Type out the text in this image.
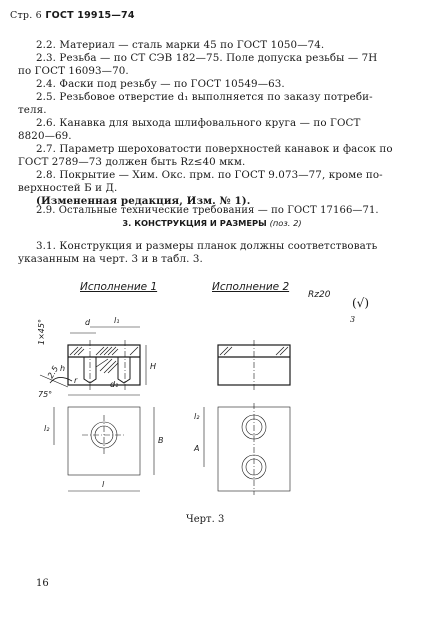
Стр. 6 ГОСТ 19915—74
2.2. Материал — сталь марки 45 по ГОСТ 1050—74.
2.3. Резьба — по СТ СЭВ 182—75. Поле допуска резьбы — 7H
по ГОСТ 16093—70.
2.4. Фаски под резьбу — по ГОСТ 10549—63.
2.5. Резьбовое отверстие d₁ выполняется по заказу потреби-
теля.
2.6. Канавка для выхода шлифовального круга — по ГОСТ
8820—69.
2.7. Параметр шероховатости поверхностей канавок и фасок по
ГОСТ 2789—73 должен быть Rz≤40 мкм.
2.8. Покрытие — Хим. Окс. прм. по ГОСТ 9.073—77, кроме по-
верхностей Б и Д.
(Измененная редакция, Изм. № 1).
2.9. Остальные технические требования — по ГОСТ 17166—71.
3. КОНСТРУКЦИЯ И РАЗМЕРЫ (поз. 2)
3.1. Конструкция и размеры планок должны соответствовать
указанным на черт. 3 и в табл. 3.
Исполнение 1	Исполнение 2
Rz20
(√)
3
d	l₁
H
h
r	d₁
1×45°
75°
2.5
l₂
B
l
l₂
A
Черт. 3
16
